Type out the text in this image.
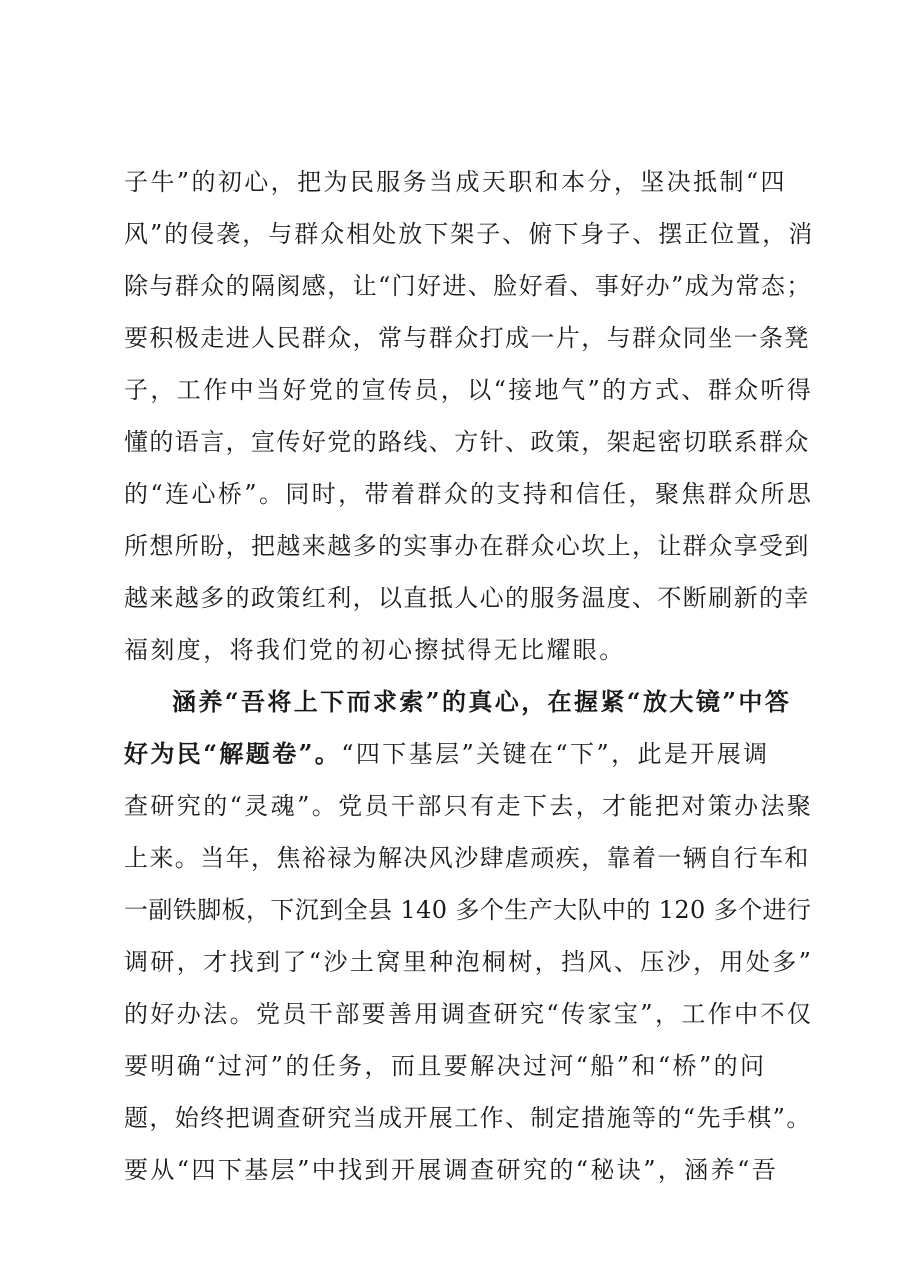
子牛”的初心，把为民服务当成天职和本分，坚决抵制“四
风”的侵袭，与群众相处放下架子、俯下身子、摆正位置，消
除与群众的隔阂感，让“门好进、脸好看、事好办”成为常态；
要积极走进人民群众，常与群众打成一片，与群众同坐一条凳
子，工作中当好党的宣传员，以“接地气”的方式、群众听得
懂的语言，宣传好党的路线、方针、政策，架起密切联系群众
的“连心桥”。同时，带着群众的支持和信任，聚焦群众所思
所想所盼，把越来越多的实事办在群众心坎上，让群众享受到
越来越多的政策红利，以直抵人心的服务温度、不断刷新的幸
福刻度，将我们党的初心擦拭得无比耀眼。
涵养“吾将上下而求索”的真心，在握紧“放大镜”中答
好为民“解题卷”。“四下基层”关键在“下”，此是开展调
查研究的“灵魂”。党员干部只有走下去，才能把对策办法聚
上来。当年，焦裕禄为解决风沙肆虐顽疾，靠着一辆自行车和
一副铁脚板，下沉到全县 140 多个生产大队中的 120 多个进行
调研，才找到了“沙土窝里种泡桐树，挡风、压沙，用处多”
的好办法。党员干部要善用调查研究“传家宝”，工作中不仅
要明确“过河”的任务，而且要解决过河“船”和“桥”的问
题，始终把调查研究当成开展工作、制定措施等的“先手棋”。
要从“四下基层”中找到开展调查研究的“秘诀”，涵养“吾
